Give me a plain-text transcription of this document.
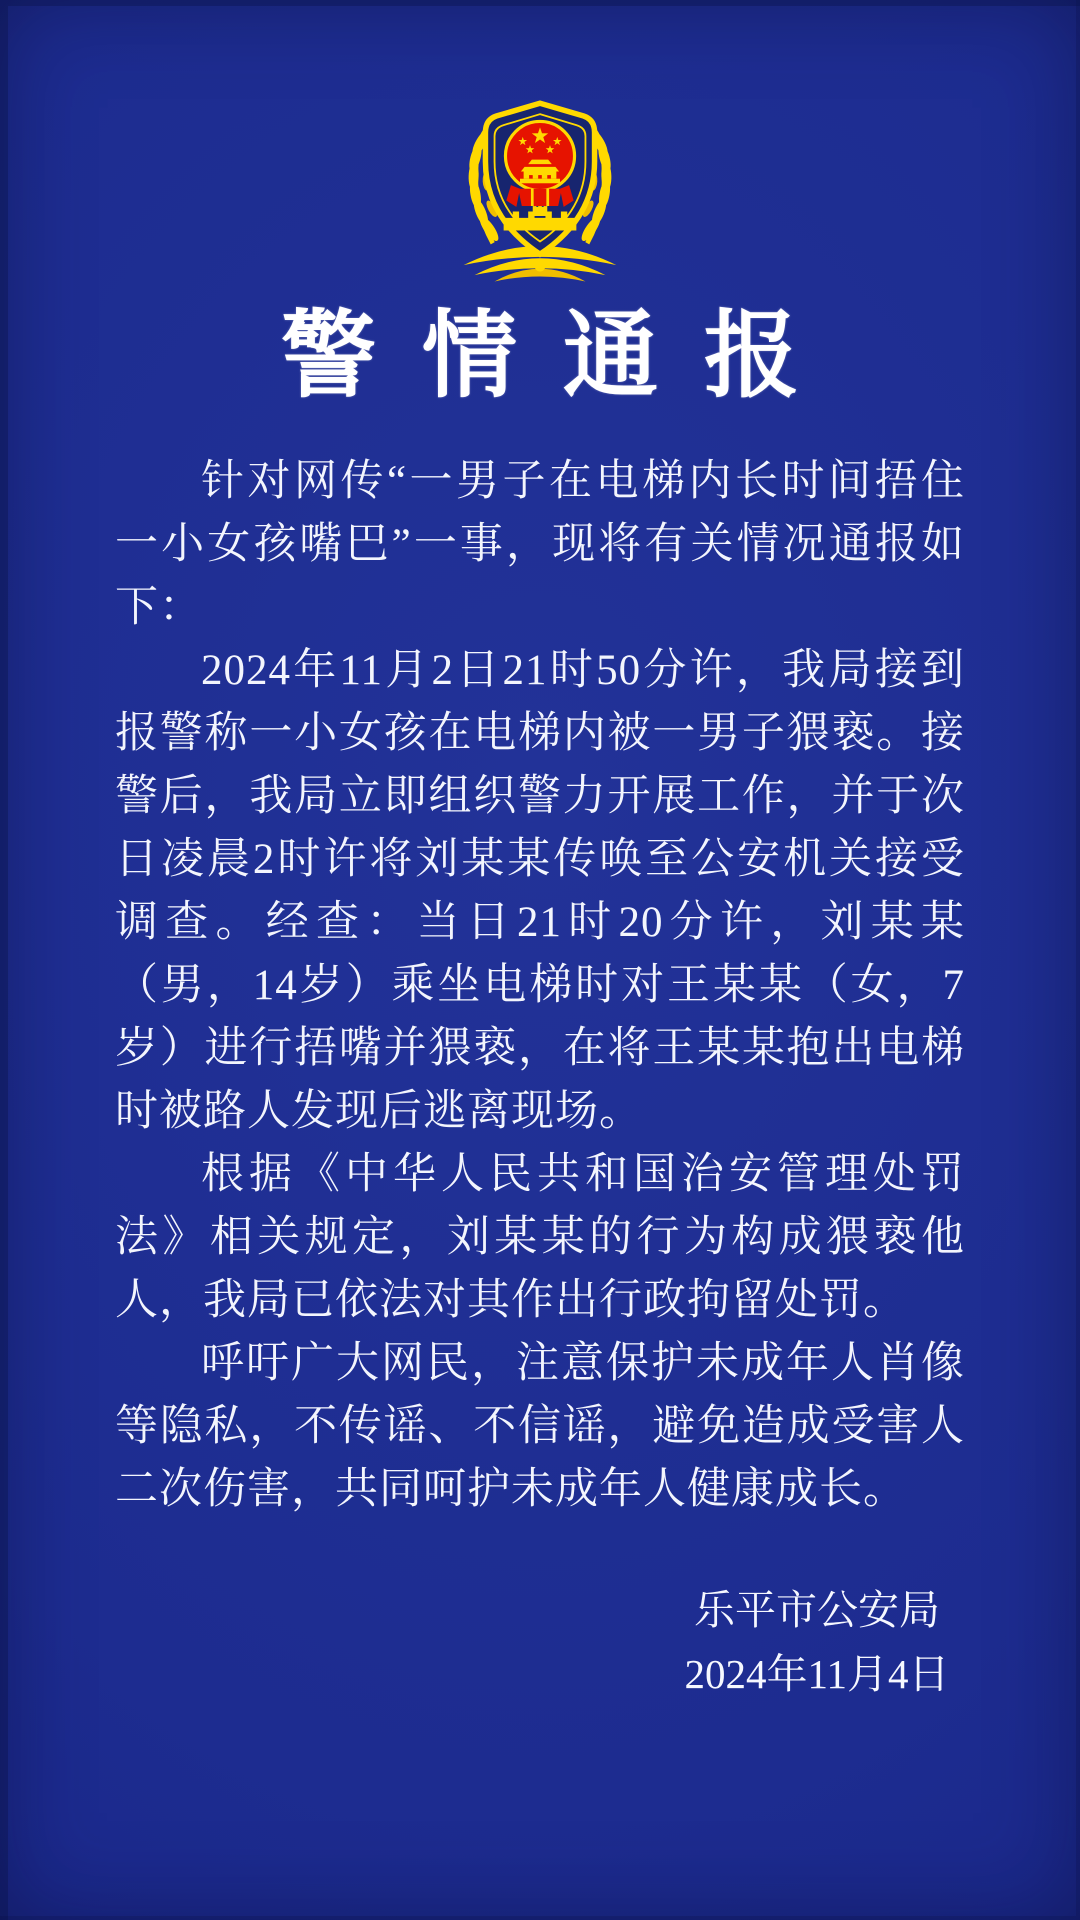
警情通报

针对网传“一男子在电梯内长时间捂住一小女孩嘴巴”一事，现将有关情况通报如下：

2024年11月2日21时50分许，我局接到报警称一小女孩在电梯内被一男子猥亵。接警后，我局立即组织警力开展工作，并于次日凌晨2时许将刘某某传唤至公安机关接受调查。经查：当日21时20分许，刘某某（男，14岁）乘坐电梯时对王某某（女，7岁）进行捂嘴并猥亵，在将王某某抱出电梯时被路人发现后逃离现场。

根据《中华人民共和国治安管理处罚法》相关规定，刘某某的行为构成猥亵他人，我局已依法对其作出行政拘留处罚。

呼吁广大网民，注意保护未成年人肖像等隐私，不传谣、不信谣，避免造成受害人二次伤害，共同呵护未成年人健康成长。

乐平市公安局
2024年11月4日
